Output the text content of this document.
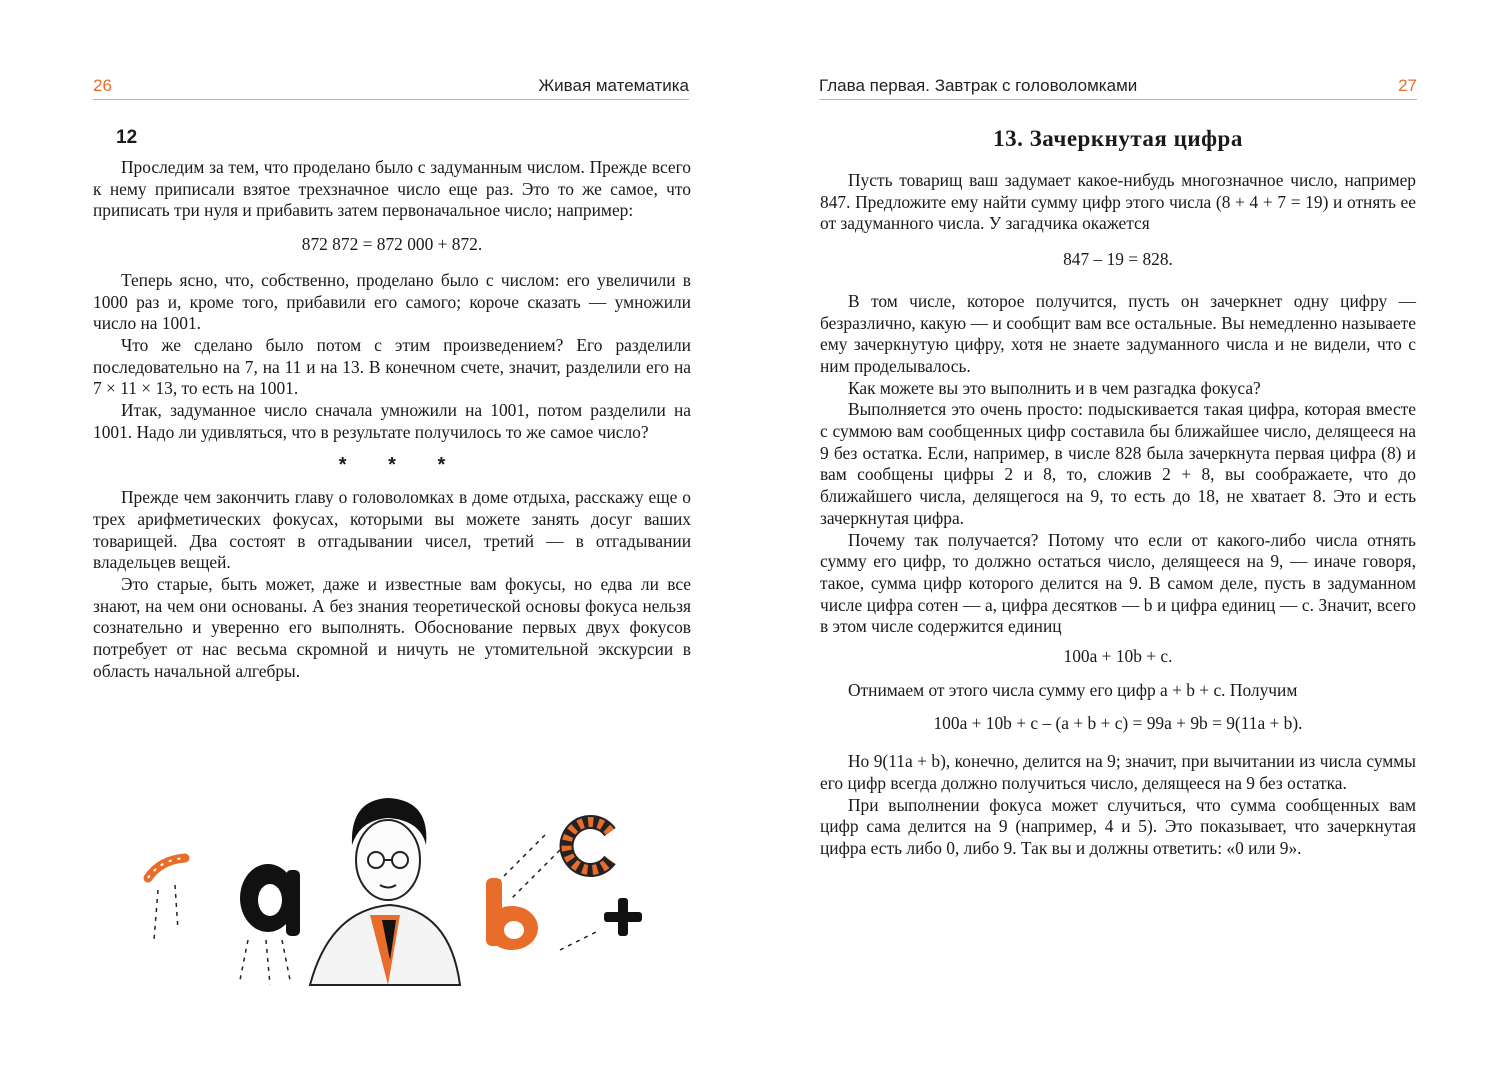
26	Живая математика
12

Проследим за тем, что проделано было с задуманным числом. Прежде всего к нему приписали взятое трехзначное число еще раз. Это то же самое, что приписать три нуля и прибавить затем первоначальное число; например:

872 872 = 872 000 + 872.

Теперь ясно, что, собственно, проделано было с числом: его увеличили в 1000 раз и, кроме того, прибавили его самого; короче сказать — умножили число на 1001.

Что же сделано было потом с этим произведением? Его разделили последовательно на 7, на 11 и на 13. В конечном счете, значит, разделили его на 7 × 11 × 13, то есть на 1001.

Итак, задуманное число сначала умножили на 1001, потом разделили на 1001. Надо ли удивляться, что в результате получилось то же самое число?

* * *

Прежде чем закончить главу о головоломках в доме отдыха, расскажу еще о трех арифметических фокусах, которыми вы можете занять досуг ваших товарищей. Два состоят в отгадывании чисел, третий — в отгадывании владельцев вещей.

Это старые, быть может, даже и известные вам фокусы, но едва ли все знают, на чем они основаны. А без знания теоретической основы фокуса нельзя сознательно и уверенно его выполнять. Обоснование первых двух фокусов потребует от нас весьма скромной и ничуть не утомительной экскурсии в область начальной алгебры.

Глава первая. Завтрак с головоломками	27
13. Зачеркнутая цифра

Пусть товарищ ваш задумает какое-нибудь многозначное число, например 847. Предложите ему найти сумму цифр этого числа (8 + 4 + 7 = 19) и отнять ее от задуманного числа. У загадчика окажется

847 – 19 = 828.

В том числе, которое получится, пусть он зачеркнет одну цифру — безразлично, какую — и сообщит вам все остальные. Вы немедленно называете ему зачеркнутую цифру, хотя не знаете задуманного числа и не видели, что с ним проделывалось.

Как можете вы это выполнить и в чем разгадка фокуса?

Выполняется это очень просто: подыскивается такая цифра, которая вместе с суммою вам сообщенных цифр составила бы ближайшее число, делящееся на 9 без остатка. Если, например, в числе 828 была зачеркнута первая цифра (8) и вам сообщены цифры 2 и 8, то, сложив 2 + 8, вы соображаете, что до ближайшего числа, делящегося на 9, то есть до 18, не хватает 8. Это и есть зачеркнутая цифра.

Почему так получается? Потому что если от какого-либо числа отнять сумму его цифр, то должно остаться число, делящееся на 9, — иначе говоря, такое, сумма цифр которого делится на 9. В самом деле, пусть в задуманном числе цифра сотен — a, цифра десятков — b и цифра единиц — c. Значит, всего в этом числе содержится единиц

100a + 10b + c.

Отнимаем от этого числа сумму его цифр a + b + c. Получим

100a + 10b + c – (a + b + c) = 99a + 9b = 9(11a + b).

Но 9(11a + b), конечно, делится на 9; значит, при вычитании из числа суммы его цифр всегда должно получиться число, делящееся на 9 без остатка.

При выполнении фокуса может случиться, что сумма сообщенных вам цифр сама делится на 9 (например, 4 и 5). Это показывает, что зачеркнутая цифра есть либо 0, либо 9. Так вы и должны ответить: «0 или 9».
